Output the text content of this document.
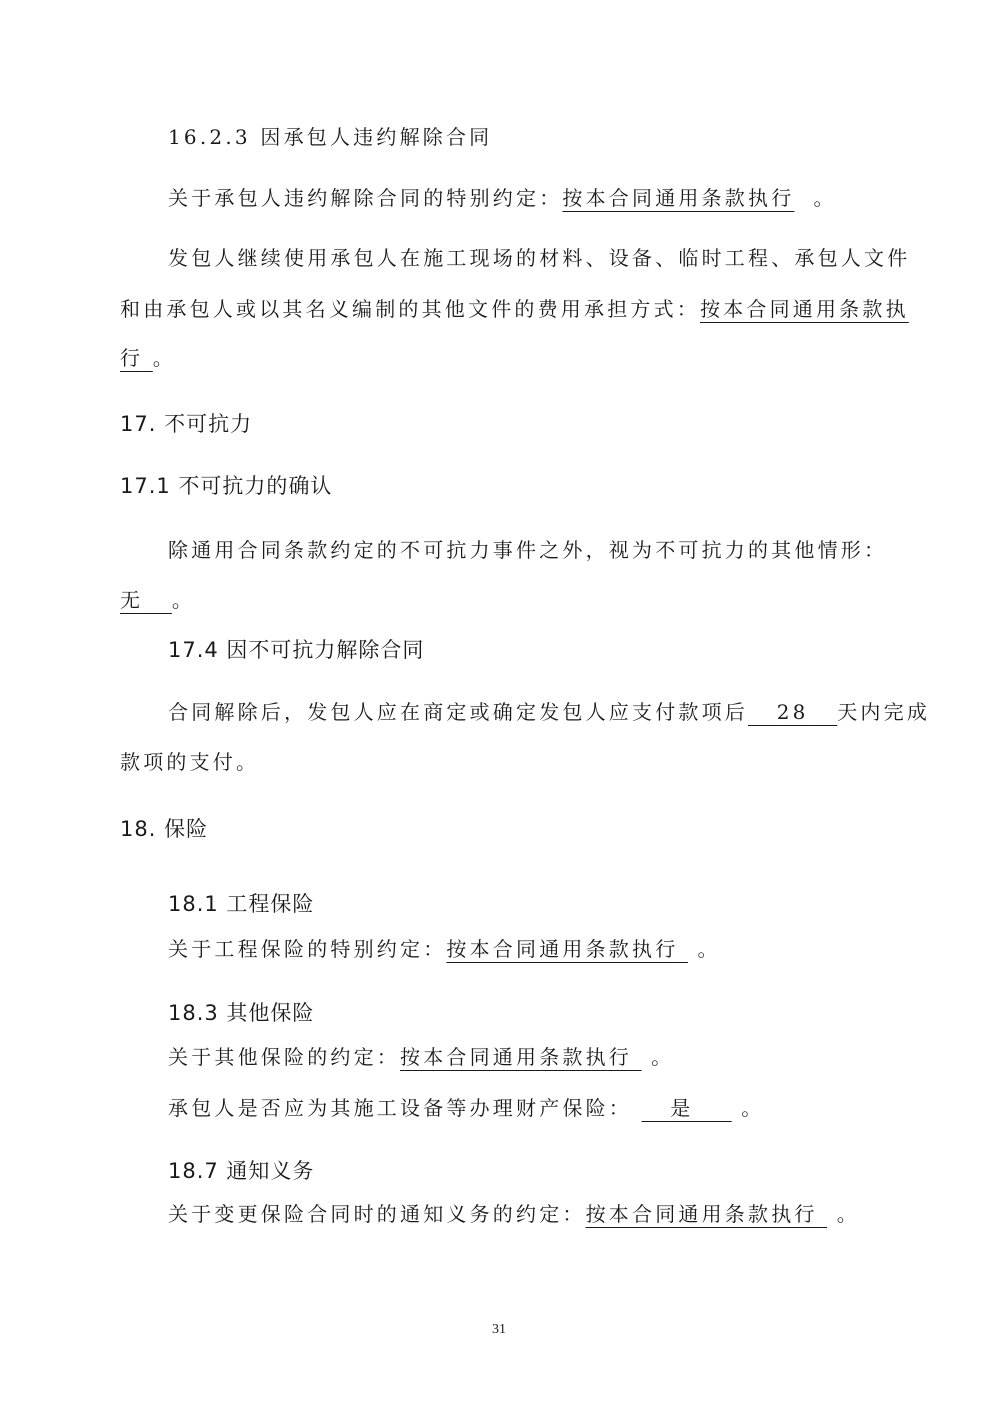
16.2.3 因承包人违约解除合同
关于承包人违约解除合同的特别约定：按本合同通用条款执行 。
发包人继续使用承包人在施工现场的材料、设备、临时工程、承包人文件
和由承包人或以其名义编制的其他文件的费用承担方式：按本合同通用条款执
行 。
17. 不可抗力
17.1 不可抗力的确认
除通用合同条款约定的不可抗力事件之外，视为不可抗力的其他情形：
无 。
17.4 因不可抗力解除合同
合同解除后，发包人应在商定或确定发包人应支付款项后 28 天内完成
款项的支付。
18. 保险
18.1 工程保险
关于工程保险的特别约定：按本合同通用条款执行 。
18.3 其他保险
关于其他保险的约定：按本合同通用条款执行 。
承包人是否应为其施工设备等办理财产保险： 是 。
18.7 通知义务
关于变更保险合同时的通知义务的约定：按本合同通用条款执行 。
31
